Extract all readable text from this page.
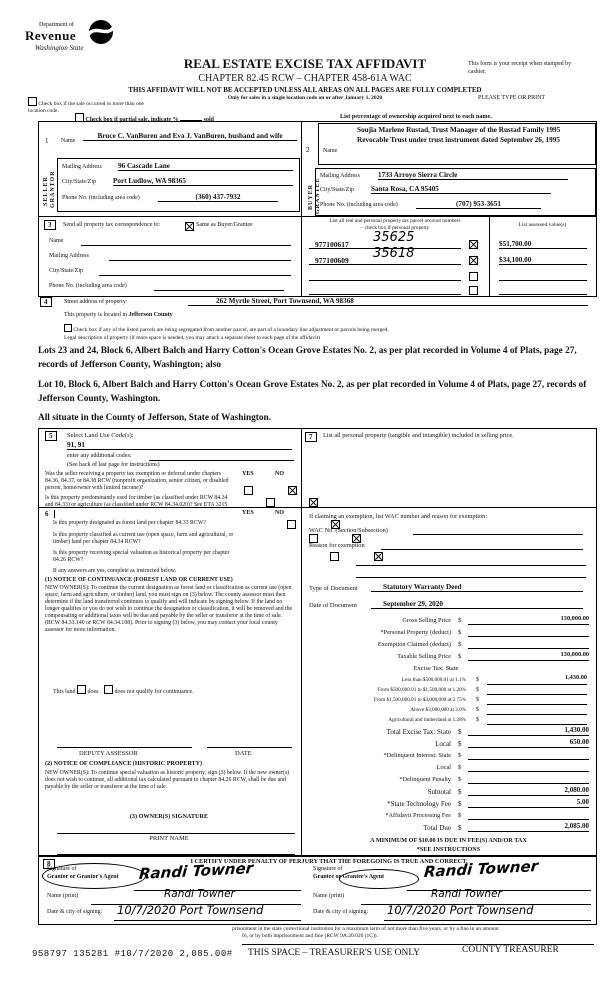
Department of
Revenue
Washington State
REAL ESTATE EXCISE TAX AFFIDAVIT
CHAPTER 82.45 RCW – CHAPTER 458-61A WAC
THIS AFFIDAVIT WILL NOT BE ACCEPTED UNLESS ALL AREAS ON ALL PAGES ARE FULLY COMPLETED
Only for sales in a single location code on or after January 1, 2020
This form is your receipt when stamped by cashier.
PLEASE TYPE OR PRINT
Check box if the sale occurred in more than one location code.
Check box if partial sale, indicate %	sold	List percentage of ownership acquired next to each name.
1
SELLER GRANTOR
Name
Bruce C. VanBuren and Eva J. VanBuren, husband and wife
Mailing Address 96 Cascade Lane
City/State/Zip Port Ludlow, WA 98365
Phone No. (including area code)	(360) 437-7932
2
BUYER GRANTEE
Name
Soujia Marlene Rustad, Trust Manager of the Rustad Family 1995 Revocable Trust under trust instrument dated September 26, 1995
Mailing Address	1733 Arroyo Sierra Circle
City/State/Zip Santa Rosa, CA 95405
Phone No. (including area code)	(707) 953-3651
3	Send all property tax correspondence to:	Same as Buyer/Grantee
Name
Mailing Address
City/State/Zip
Phone No. (including area code)
List all real and personal property tax parcel account numbers
– check box if personal property
977100617 35625
977100609 35618
List assessed value(s)
$51,700.00
$34,100.00
4	Street address of property:	262 Myrtle Street, Port Townsend, WA 98368
This property is located in Jefferson County
Check box if any of the listed parcels are being segregated from another parcel, are part of a boundary line adjustment or parcels being merged.
Legal description of property (if more space is needed, you may attach a separate sheet to each page of the affidavit)
Lots 23 and 24, Block 6, Albert Balch and Harry Cotton's Ocean Grove Estates No. 2, as per plat recorded in Volume 4 of Plats, page 27, records of Jefferson County, Washington; also
Lot 10, Block 6, Albert Balch and Harry Cotton's Ocean Grove Estates No. 2, as per plat recorded in Volume 4 of Plats, page 27, records of Jefferson County, Washington.
All situate in the County of Jefferson, State of Washington.
5	Select Land Use Code(s):
91, 91
enter any additional codes:
(See back of last page for instructions)
YES	NO
Was the seller receiving a property tax exemption or deferral under chapters 84.36, 84.37, or 84.38 RCW (nonprofit organization, senior citizen, or disabled person, homeowner with limited income)?

Is this property predominantly used for timber (as classified under RCW 84.34 and 84.33) or agriculture (as classified under RCW 84.34.020)? See ETA 3215

6	YES	NO
Is this property designated as forest land per chapter 84.33 RCW?

Is this property classified as current use (open space, farm and agricultural, or timber) land per chapter 84.34 RCW?

Is this property receiving special valuation as historical property per chapter 84.26 RCW?

If any answers are yes, complete as instructed below.
(1) NOTICE OF CONTINUANCE (FOREST LAND OR CURRENT USE)
NEW OWNER(S): To continue the current designation as forest land or classification as current use (open space, farm and agriculture, or timber) land, you must sign on (3) below. The county assessor must then determine if the land transferred continues to qualify and will indicate by signing below. If the land no longer qualifies or you do not wish to continue the designation or classification, it will be removed and the compensating or additional taxes will be due and payable by the seller or transferor at the time of sale. (RCW 84.33.140 or RCW 84.34.108). Prior to signing (3) below, you may contact your local county assessor for more information.
This land does	does not qualify for continuance.
DEPUTY ASSESSOR	DATE
(2) NOTICE OF COMPLIANCE (HISTORIC PROPERTY)
NEW OWNER(S): To continue special valuation as historic property, sign (3) below. If the new owner(s) does not wish to continue, all additional tax calculated pursuant to chapter 84.26 RCW, shall be due and payable by the seller or transferor at the time of sale.
(3) OWNER(S) SIGNATURE
PRINT NAME
7	List all personal property (tangible and intangible) included in selling price.
If claiming an exemption, list WAC number and reason for exemption:
WAC No. (Section/Subsection)
Reason for exemption
Type of Document	Statutory Warranty Deed
Date of Document	September 29, 2020
Gross Selling Price $	130,000.00
*Personal Property (deduct) $
Exemption Claimed (deduct) $
Taxable Selling Price $	130,000.00
Excise Tax: State
Less than $500,000.01 at 1.1% $	1,430.00
From $500,000.01 to $1,500,000 at 1.28% $
From $1,500,000.01 to $3,000,000 at 2.75% $
Above $3,000,000 at 3.0% $
Agricultural and timberland at 1.28% $
Total Excise Tax: State $	1,430.00
Local $	650.00
*Delinquent Interest: State $
Local $
*Delinquent Penalty $
Subtotal $	2,080.00
*State Technology Fee $	5.00
*Affidavit Processing Fee $
Total Due $	2,085.00
A MINIMUM OF $10.00 IS DUE IN FEE(S) AND/OR TAX
*SEE INSTRUCTIONS
8	I CERTIFY UNDER PENALTY OF PERJURY THAT THE FOREGOING IS TRUE AND CORRECT.
Signature of
Grantor or Grantor's Agent Randi Towner
Name (print)	Randi Towner
Date & city of signing: 10/7/2020 Port Townsend
Signature of
Grantee or Grantee's Agent	Randi Towner
Name (print)	Randi Towner
Date & city of signing: 10/7/2020 Port Townsend
prisonment in the state correctional institution for a maximum term of not more than five years, or by a fine in an amount
0), or by both imprisonment and fine (RCW 9A.20.020 (1C)).
958797 135281 #10/7/2020 2,085.00# THIS SPACE – TREASURER'S USE ONLY	COUNTY TREASURER
